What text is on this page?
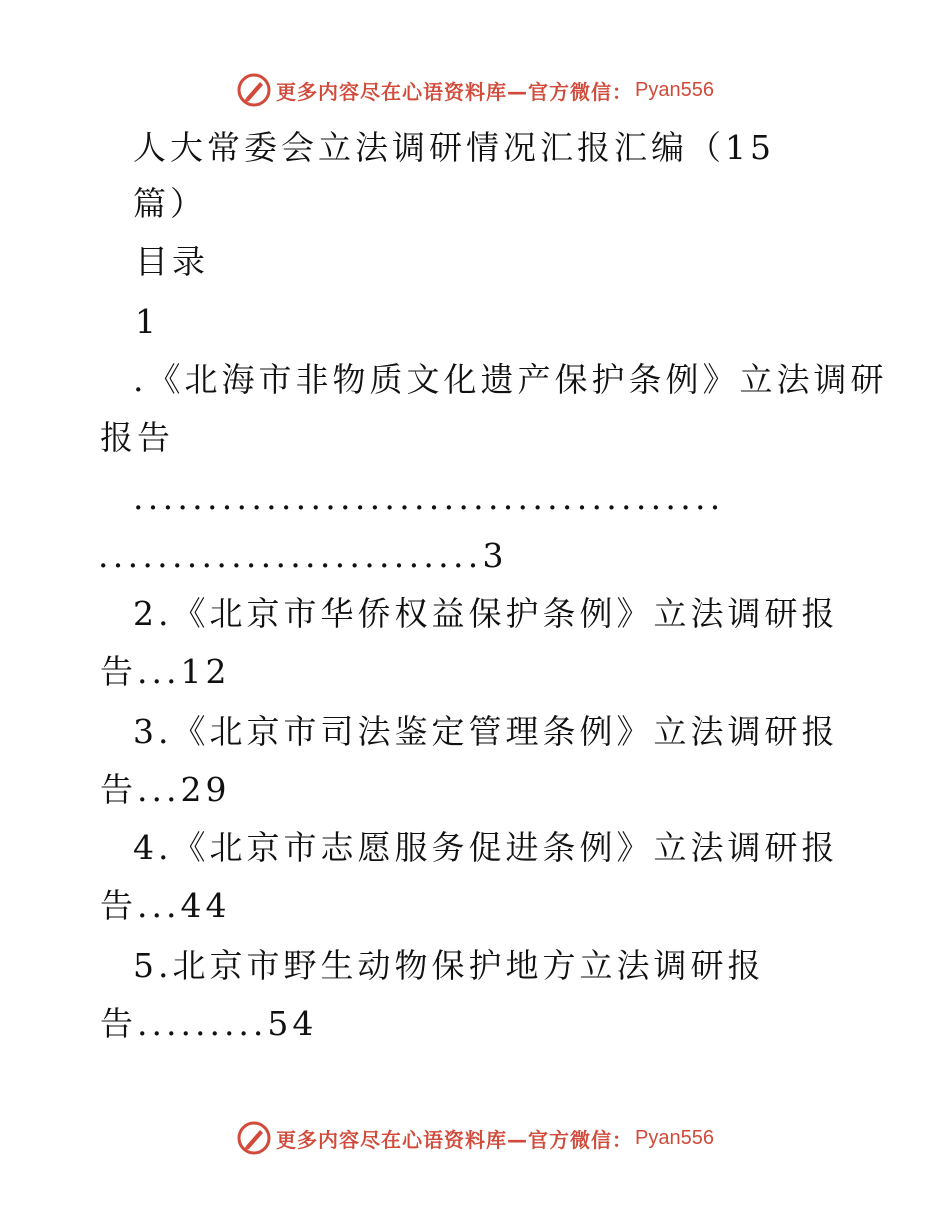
更多内容尽在心语资料库—官方微信： Pyan556
人大常委会立法调研情况汇报汇编（15
篇）
目录
1
.《北海市非物质文化遗产保护条例》立法调研
报告
........................................
..........................3
2.《北京市华侨权益保护条例》立法调研报
告...12
3.《北京市司法鉴定管理条例》立法调研报
告...29
4.《北京市志愿服务促进条例》立法调研报
告...44
5.北京市野生动物保护地方立法调研报
告.........54
更多内容尽在心语资料库—官方微信： Pyan556
